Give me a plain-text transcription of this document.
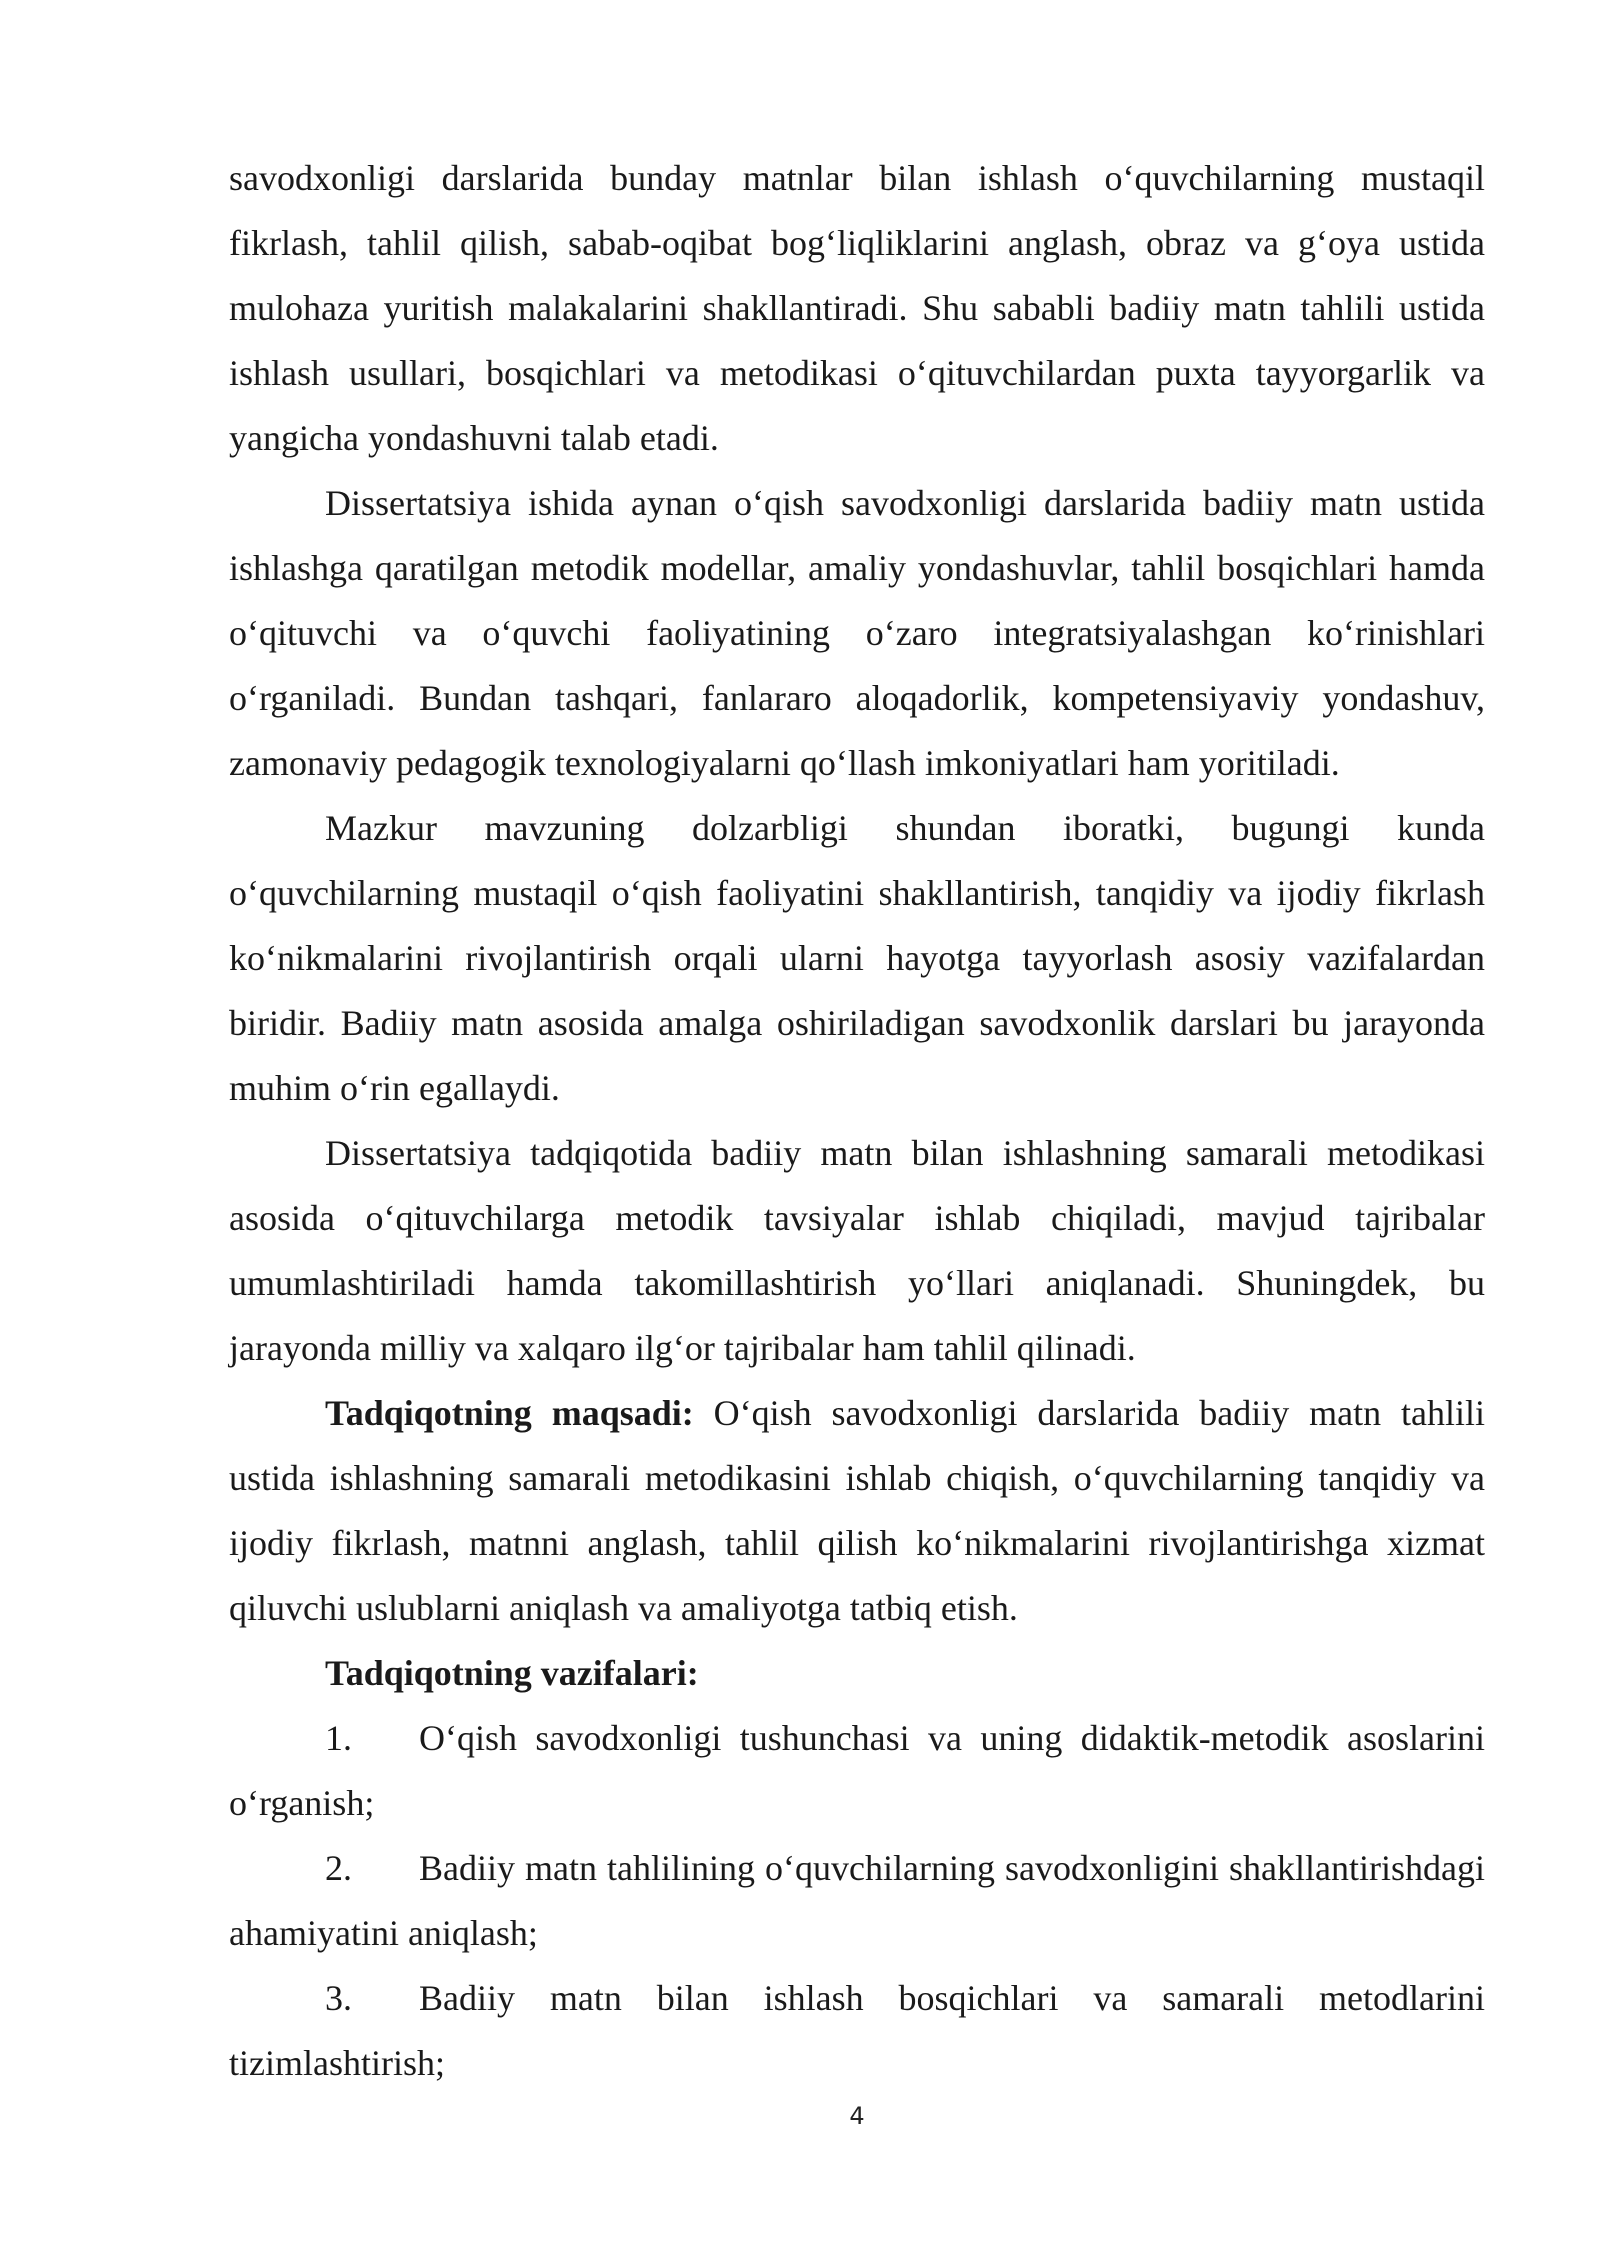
savodxonligi darslarida bunday matnlar bilan ishlash o‘quvchilarning mustaqil fikrlash, tahlil qilish, sabab-oqibat bog‘liqliklarini anglash, obraz va g‘oya ustida mulohaza yuritish malakalarini shakllantiradi. Shu sababli badiiy matn tahlili ustida ishlash usullari, bosqichlari va metodikasi o‘qituvchilardan puxta tayyorgarlik va yangicha yondashuvni talab etadi.

Dissertatsiya ishida aynan o‘qish savodxonligi darslarida badiiy matn ustida ishlashga qaratilgan metodik modellar, amaliy yondashuvlar, tahlil bosqichlari hamda o‘qituvchi va o‘quvchi faoliyatining o‘zaro integratsiyalashgan ko‘rinishlari o‘rganiladi. Bundan tashqari, fanlararo aloqadorlik, kompetensiyaviy yondashuv, zamonaviy pedagogik texnologiyalarni qo‘llash imkoniyatlari ham yoritiladi.

Mazkur mavzuning dolzarbligi shundan iboratki, bugungi kunda o‘quvchilarning mustaqil o‘qish faoliyatini shakllantirish, tanqidiy va ijodiy fikrlash ko‘nikmalarini rivojlantirish orqali ularni hayotga tayyorlash asosiy vazifalardan biridir. Badiiy matn asosida amalga oshiriladigan savodxonlik darslari bu jarayonda muhim o‘rin egallaydi.

Dissertatsiya tadqiqotida badiiy matn bilan ishlashning samarali metodikasi asosida o‘qituvchilarga metodik tavsiyalar ishlab chiqiladi, mavjud tajribalar umumlashtiriladi hamda takomillashtirish yo‘llari aniqlanadi. Shuningdek, bu jarayonda milliy va xalqaro ilg‘or tajribalar ham tahlil qilinadi.

Tadqiqotning maqsadi: O‘qish savodxonligi darslarida badiiy matn tahlili ustida ishlashning samarali metodikasini ishlab chiqish, o‘quvchilarning tanqidiy va ijodiy fikrlash, matnni anglash, tahlil qilish ko‘nikmalarini rivojlantirishga xizmat qiluvchi uslublarni aniqlash va amaliyotga tatbiq etish.

Tadqiqotning vazifalari:

1. O‘qish savodxonligi tushunchasi va uning didaktik-metodik asoslarini o‘rganish;

2. Badiiy matn tahlilining o‘quvchilarning savodxonligini shakllantirishdagi ahamiyatini aniqlash;

3. Badiiy matn bilan ishlash bosqichlari va samarali metodlarini tizimlashtirish;

4
